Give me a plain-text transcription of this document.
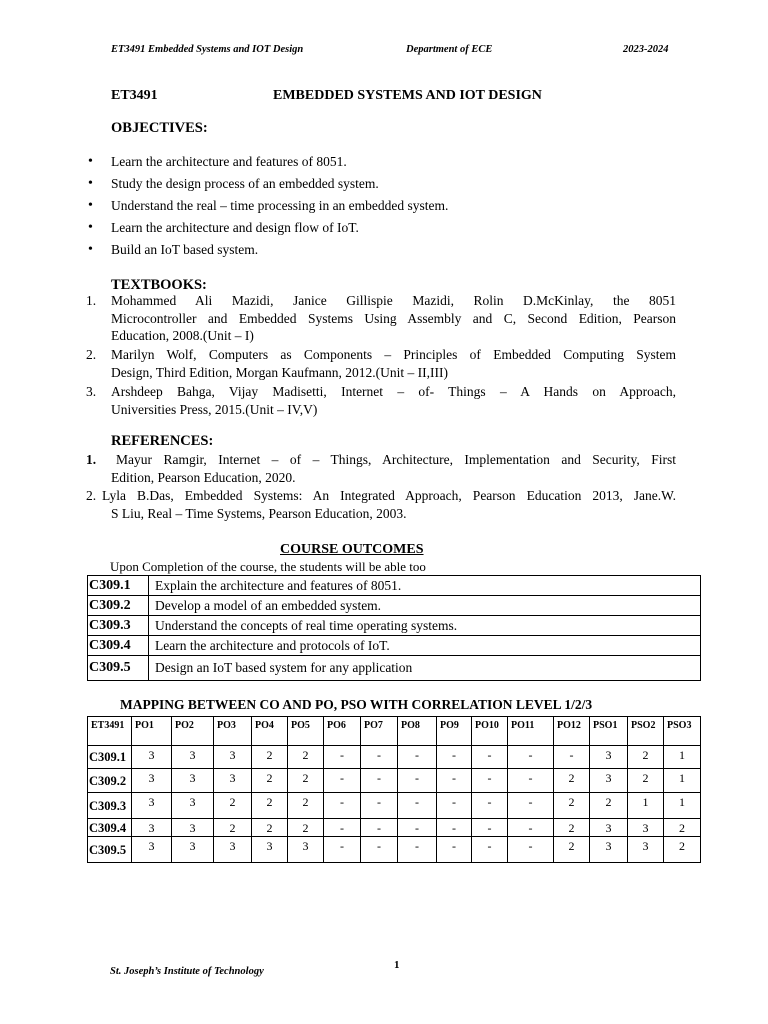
ET3491 Embedded Systems and IOT Design	Department of ECE	2023-2024
ET3491	EMBEDDED SYSTEMS AND IOT DESIGN
OBJECTIVES:
• Learn the architecture and features of 8051.
• Study the design process of an embedded system.
• Understand the real – time processing in an embedded system.
• Learn the architecture and design flow of IoT.
• Build an IoT based system.
TEXTBOOKS:
1. Mohammed Ali Mazidi, Janice Gillispie Mazidi, Rolin D.McKinlay, the 8051
Microcontroller and Embedded Systems Using Assembly and C, Second Edition, Pearson
Education, 2008.(Unit – I)
2. Marilyn Wolf, Computers as Components – Principles of Embedded Computing System
Design, Third Edition, Morgan Kaufmann, 2012.(Unit – II,III)
3. Arshdeep Bahga, Vijay Madisetti, Internet – of- Things – A Hands on Approach,
Universities Press, 2015.(Unit – IV,V)
REFERENCES:
1. Mayur Ramgir, Internet – of – Things, Architecture, Implementation and Security, First
Edition, Pearson Education, 2020.
2. Lyla B.Das, Embedded Systems: An Integrated Approach, Pearson Education 2013, Jane.W.
S Liu, Real – Time Systems, Pearson Education, 2003.
COURSE OUTCOMES
Upon Completion of the course, the students will be able too
C309.1	Explain the architecture and features of 8051.
C309.2	Develop a model of an embedded system.
C309.3	Understand the concepts of real time operating systems.
C309.4	Learn the architecture and protocols of IoT.
C309.5	Design an IoT based system for any application
MAPPING BETWEEN CO AND PO, PSO WITH CORRELATION LEVEL 1/2/3
ET3491	PO1	PO2	PO3	PO4	PO5	PO6	PO7	PO8	PO9	PO10	PO11	PO12	PSO1	PSO2	PSO3
C309.1	3	3	3	2	2	-	-	-	-	-	-	-	3	2	1
C309.2	3	3	3	2	2	-	-	-	-	-	-	2	3	2	1
C309.3	3	3	2	2	2	-	-	-	-	-	-	2	2	1	1
C309.4	3	3	2	2	2	-	-	-	-	-	-	2	3	3	2
C309.5	3	3	3	3	3	-	-	-	-	-	-	2	3	3	2
St. Joseph’s Institute of Technology
1
